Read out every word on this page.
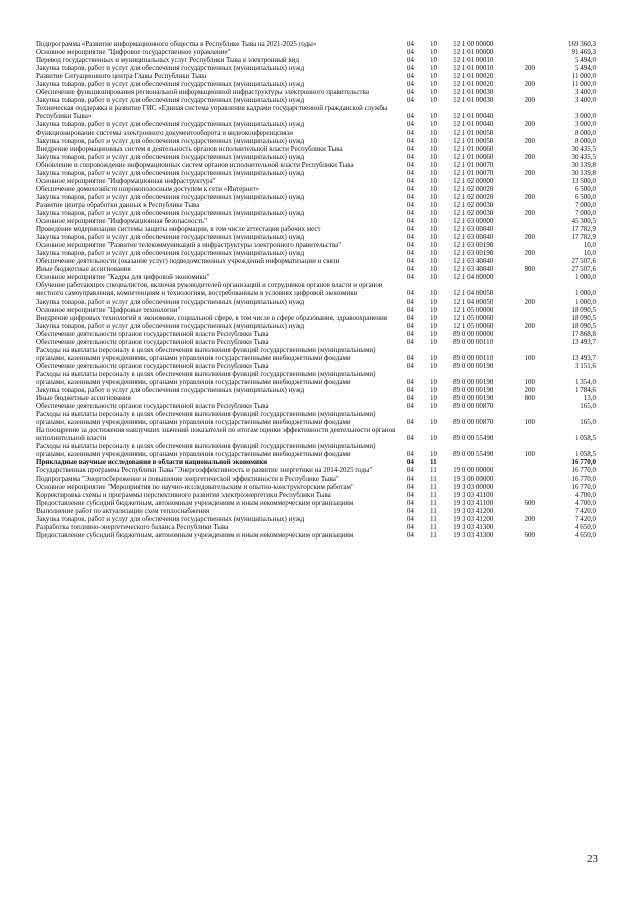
Подпрограмма «Развитие информационного общества в Республике Тыва на 2021-2025 годы»	04	10	12 1 00 00000		169 360,3
Основное мероприятие "Цифровое государственное управление"	04	10	12 1 01 00000		91 469,3
Перевод государственных и муниципальных услуг Республики Тыва в электронный вид	04	10	12 1 01 00010		5 494,0
Закупка товаров, работ и услуг для обеспечения государственных (муниципальных) нужд	04	10	12 1 01 00010	200	5 494,0
Развитие Ситуационного центра Главы Республики Тыва	04	10	12 1 01 00020		11 000,0
Закупка товаров, работ и услуг для обеспечения государственных (муниципальных) нужд	04	10	12 1 01 00020	200	11 000,0
Обеспечение функционирования региональной информационной инфраструктуры электронного правительства	04	10	12 1 01 00030		3 400,0
Закупка товаров, работ и услуг для обеспечения государственных (муниципальных) нужд	04	10	12 1 01 00030	200	3 400,0
Техническая поддержка и развитие ГИС «Единая система управления кадрами государственной гражданской службы Республики Тыва»	04	10	12 1 01 00040		3 000,0
Закупка товаров, работ и услуг для обеспечения государственных (муниципальных) нужд	04	10	12 1 01 00040	200	3 000,0
Функционирование системы электронного документооборота и видеоконференцсвязи	04	10	12 1 01 00050		8 000,0
Закупка товаров, работ и услуг для обеспечения государственных (муниципальных) нужд	04	10	12 1 01 00050	200	8 000,0
Внедрение информационных систем в деятельность органов исполнительной власти Республики Тыва	04	10	12 1 01 00060		30 435,5
Закупка товаров, работ и услуг для обеспечения государственных (муниципальных) нужд	04	10	12 1 01 00060	200	30 435,5
Обновление и сопровождение информационных систем органов исполнительной власти Республики Тыва	04	10	12 1 01 00070		30 139,8
Закупка товаров, работ и услуг для обеспечения государственных (муниципальных) нужд	04	10	12 1 01 00070	200	30 139,8
Основное мероприятие "Информационная инфраструктура"	04	10	12 1 02 00000		13 500,0
Обеспечение домохозяйств широкополосным доступом к сети «Интернет»	04	10	12 1 02 00020		6 500,0
Закупка товаров, работ и услуг для обеспечения государственных (муниципальных) нужд	04	10	12 1 02 00020	200	6 500,0
Развитие центра обработки данных в Республике Тыва	04	10	12 1 02 00030		7 000,0
Закупка товаров, работ и услуг для обеспечения государственных (муниципальных) нужд	04	10	12 1 02 00030	200	7 000,0
Основное мероприятие "Информационная безопасность"	04	10	12 1 03 00000		45 300,5
Проведение модернизации системы защиты информации, в том числе аттестация рабочих мест	04	10	12 1 03 00040		17 782,9
Закупка товаров, работ и услуг для обеспечения государственных (муниципальных) нужд	04	10	12 1 03 00040	200	17 782,9
Основное мероприятие "Развитие телекоммуникаций в инфраструктуры электронного правительства"	04	10	12 1 03 00190		10,0
Закупка товаров, работ и услуг для обеспечения государственных (муниципальных) нужд	04	10	12 1 03 00190	200	10,0
Обеспечение деятельности (оказание услуг) подведомственных учреждений информатизации и связи	04	10	12 1 03 40040		27 507,6
Иные бюджетные ассигнования	04	10	12 1 03 40040	800	27 507,6
Основное мероприятие "Кадры для цифровой экономики"	04	10	12 1 04 00000		1 000,0
Обучение работающих специалистов, включая руководителей организаций и сотрудников органов власти и органов местного самоуправления, компетенциям и технологиям, востребованным в условиях цифровой экономики	04	10	12 1 04 00050		1 000,0
Закупка товаров, работ и услуг для обеспечения государственных (муниципальных) нужд	04	10	12 1 04 00050	200	1 000,0
Основное мероприятие "Цифровые технологии"	04	10	12 1 05 00000		18 090,5
Внедрение цифровых технологий в экономике, социальной сфере, в том числе в сфере образования, здравоохранения	04	10	12 1 05 00060		18 090,5
Закупка товаров, работ и услуг для обеспечения государственных (муниципальных) нужд	04	10	12 1 05 00060	200	18 090,5
Обеспечение деятельности органов государственной власти Республики Тыва	04	10	89 0 00 00000		17 868,8
Обеспечение деятельности органов государственной власти Республики Тыва	04	10	89 0 00 00110		13 493,7
Расходы на выплаты персоналу в целях обеспечения выполнения функций государственными (муниципальными) органами, казенными учреждениями, органами управления государственными внебюджетными фондами	04	10	89 0 00 00110	100	13 493,7
Обеспечение деятельности органов государственной власти Республики Тыва	04	10	89 0 00 00190		3 151,6
Расходы на выплаты персоналу в целях обеспечения выполнения функций государственными (муниципальными) органами, казенными учреждениями, органами управления государственными внебюджетными фондами	04	10	89 0 00 00190	100	1 354,0
Закупка товаров, работ и услуг для обеспечения государственных (муниципальных) нужд	04	10	89 0 00 00190	200	1 784,6
Иные бюджетные ассигнования	04	10	89 0 00 00190	800	13,0
Обеспечение деятельности органов государственной власти Республики Тыва	04	10	89 0 00 00870		165,0
Расходы на выплаты персоналу в целях обеспечения выполнения функций государственными (муниципальными) органами, казенными учреждениями, органами управления государственными внебюджетными фондами	04	10	89 0 00 00870	100	165,0
На поощрение за достижения наилучших значений показателей по итогам оценки эффективности деятельности органов исполнительной власти	04	10	89 0 00 55490		1 058,5
Расходы на выплаты персоналу в целях обеспечения выполнения функций государственными (муниципальными) органами, казенными учреждениями, органами управления государственными внебюджетными фондами	04	10	89 0 00 55490	100	1 058,5
Прикладные научные исследования в области национальной экономики	04	11			16 770,0
Государственная программа Республики Тыва "Энергоэффективность и развитие энергетики на 2014-2025 годы"	04	11	19 0 00 00000		16 770,0
Подпрограмма "Энергосбережение и повышение энергетической эффективности в Республике Тыва"	04	11	19 3 00 00000		16 770,0
Основное мероприятие "Мероприятия по научно-исследовательским и опытно-конструкторским работам"	04	11	19 3 03 00000		16 770,0
Корректировка схемы и программы перспективного развития электроэнергетики Республики Тыва	04	11	19 3 03 41100		4 700,0
Предоставление субсидий бюджетным, автономным учреждениям и иным некоммерческим организациям	04	11	19 3 03 41100	600	4 700,0
Выполнение работ по актуализации схем теплоснабжения	04	11	19 3 03 41200		7 420,0
Закупка товаров, работ и услуг для обеспечения государственных (муниципальных) нужд	04	11	19 3 03 41200	200	7 420,0
Разработка топливно-энергетического баланса Республики Тыва	04	11	19 3 03 41300		4 650,0
Предоставление субсидий бюджетным, автономным учреждениям и иным некоммерческим организациям	04	11	19 3 03 41300	600	4 650,0
23
